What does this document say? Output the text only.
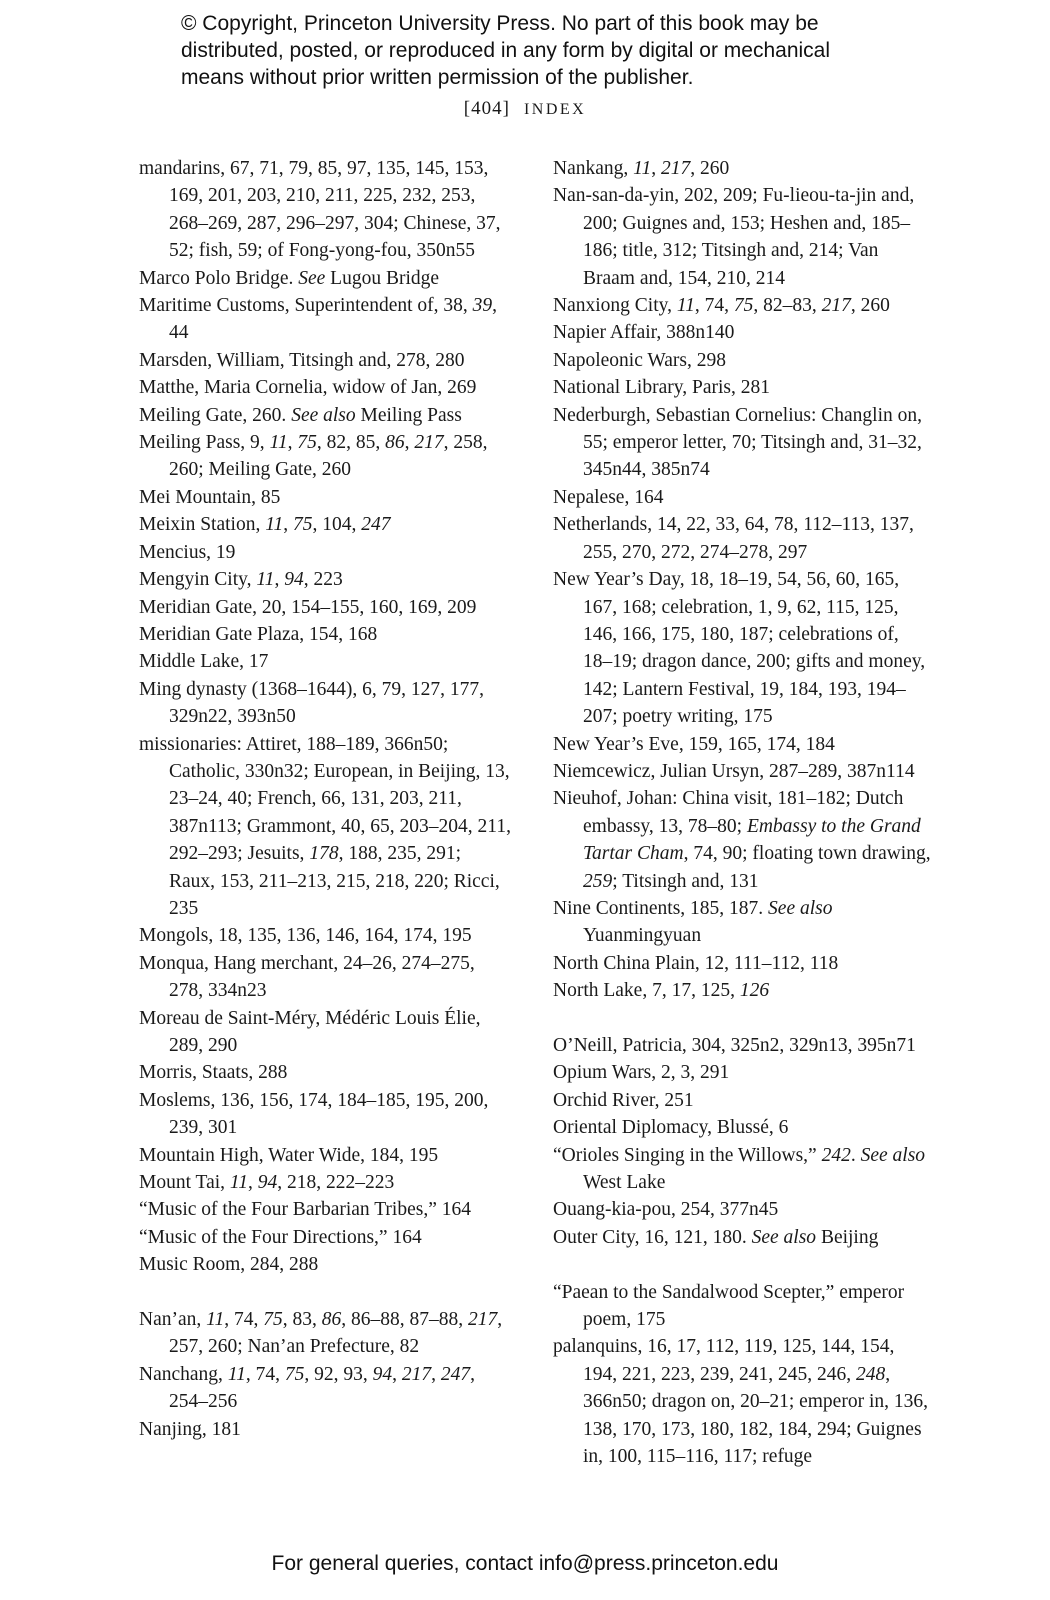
© Copyright, Princeton University Press. No part of this book may be
distributed, posted, or reproduced in any form by digital or mechanical
means without prior written permission of the publisher.
[404] INDEX
mandarins, 67, 71, 79, 85, 97, 135, 145, 153, 169, 201, 203, 210, 211, 225, 232, 253, 268–269, 287, 296–297, 304; Chinese, 37, 52; fish, 59; of Fong-yong-fou, 350n55
Marco Polo Bridge. See Lugou Bridge
Maritime Customs, Superintendent of, 38, 39, 44
Marsden, William, Titsingh and, 278, 280
Matthe, Maria Cornelia, widow of Jan, 269
Meiling Gate, 260. See also Meiling Pass
Meiling Pass, 9, 11, 75, 82, 85, 86, 217, 258, 260; Meiling Gate, 260
Mei Mountain, 85
Meixin Station, 11, 75, 104, 247
Mencius, 19
Mengyin City, 11, 94, 223
Meridian Gate, 20, 154–155, 160, 169, 209
Meridian Gate Plaza, 154, 168
Middle Lake, 17
Ming dynasty (1368–1644), 6, 79, 127, 177, 329n22, 393n50
missionaries: Attiret, 188–189, 366n50; Catholic, 330n32; European, in Beijing, 13, 23–24, 40; French, 66, 131, 203, 211, 387n113; Grammont, 40, 65, 203–204, 211, 292–293; Jesuits, 178, 188, 235, 291; Raux, 153, 211–213, 215, 218, 220; Ricci, 235
Mongols, 18, 135, 136, 146, 164, 174, 195
Monqua, Hang merchant, 24–26, 274–275, 278, 334n23
Moreau de Saint-Méry, Médéric Louis Élie, 289, 290
Morris, Staats, 288
Moslems, 136, 156, 174, 184–185, 195, 200, 239, 301
Mountain High, Water Wide, 184, 195
Mount Tai, 11, 94, 218, 222–223
“Music of the Four Barbarian Tribes,” 164
“Music of the Four Directions,” 164
Music Room, 284, 288
Nan’an, 11, 74, 75, 83, 86, 86–88, 87–88, 217, 257, 260; Nan’an Prefecture, 82
Nanchang, 11, 74, 75, 92, 93, 94, 217, 247, 254–256
Nanjing, 181
Nankang, 11, 217, 260
Nan-san-da-yin, 202, 209; Fu-lieou-ta-jin and, 200; Guignes and, 153; Heshen and, 185–186; title, 312; Titsingh and, 214; Van Braam and, 154, 210, 214
Nanxiong City, 11, 74, 75, 82–83, 217, 260
Napier Affair, 388n140
Napoleonic Wars, 298
National Library, Paris, 281
Nederburgh, Sebastian Cornelius: Changlin on, 55; emperor letter, 70; Titsingh and, 31–32, 345n44, 385n74
Nepalese, 164
Netherlands, 14, 22, 33, 64, 78, 112–113, 137, 255, 270, 272, 274–278, 297
New Year’s Day, 18, 18–19, 54, 56, 60, 165, 167, 168; celebration, 1, 9, 62, 115, 125, 146, 166, 175, 180, 187; celebrations of, 18–19; dragon dance, 200; gifts and money, 142; Lantern Festival, 19, 184, 193, 194–207; poetry writing, 175
New Year’s Eve, 159, 165, 174, 184
Niemcewicz, Julian Ursyn, 287–289, 387n114
Nieuhof, Johan: China visit, 181–182; Dutch embassy, 13, 78–80; Embassy to the Grand Tartar Cham, 74, 90; floating town drawing, 259; Titsingh and, 131
Nine Continents, 185, 187. See also Yuanmingyuan
North China Plain, 12, 111–112, 118
North Lake, 7, 17, 125, 126
O’Neill, Patricia, 304, 325n2, 329n13, 395n71
Opium Wars, 2, 3, 291
Orchid River, 251
Oriental Diplomacy, Blussé, 6
“Orioles Singing in the Willows,” 242. See also West Lake
Ouang-kia-pou, 254, 377n45
Outer City, 16, 121, 180. See also Beijing
“Paean to the Sandalwood Scepter,” emperor poem, 175
palanquins, 16, 17, 112, 119, 125, 144, 154, 194, 221, 223, 239, 241, 245, 246, 248, 366n50; dragon on, 20–21; emperor in, 136, 138, 170, 173, 180, 182, 184, 294; Guignes in, 100, 115–116, 117; refuge
For general queries, contact info@press.princeton.edu
